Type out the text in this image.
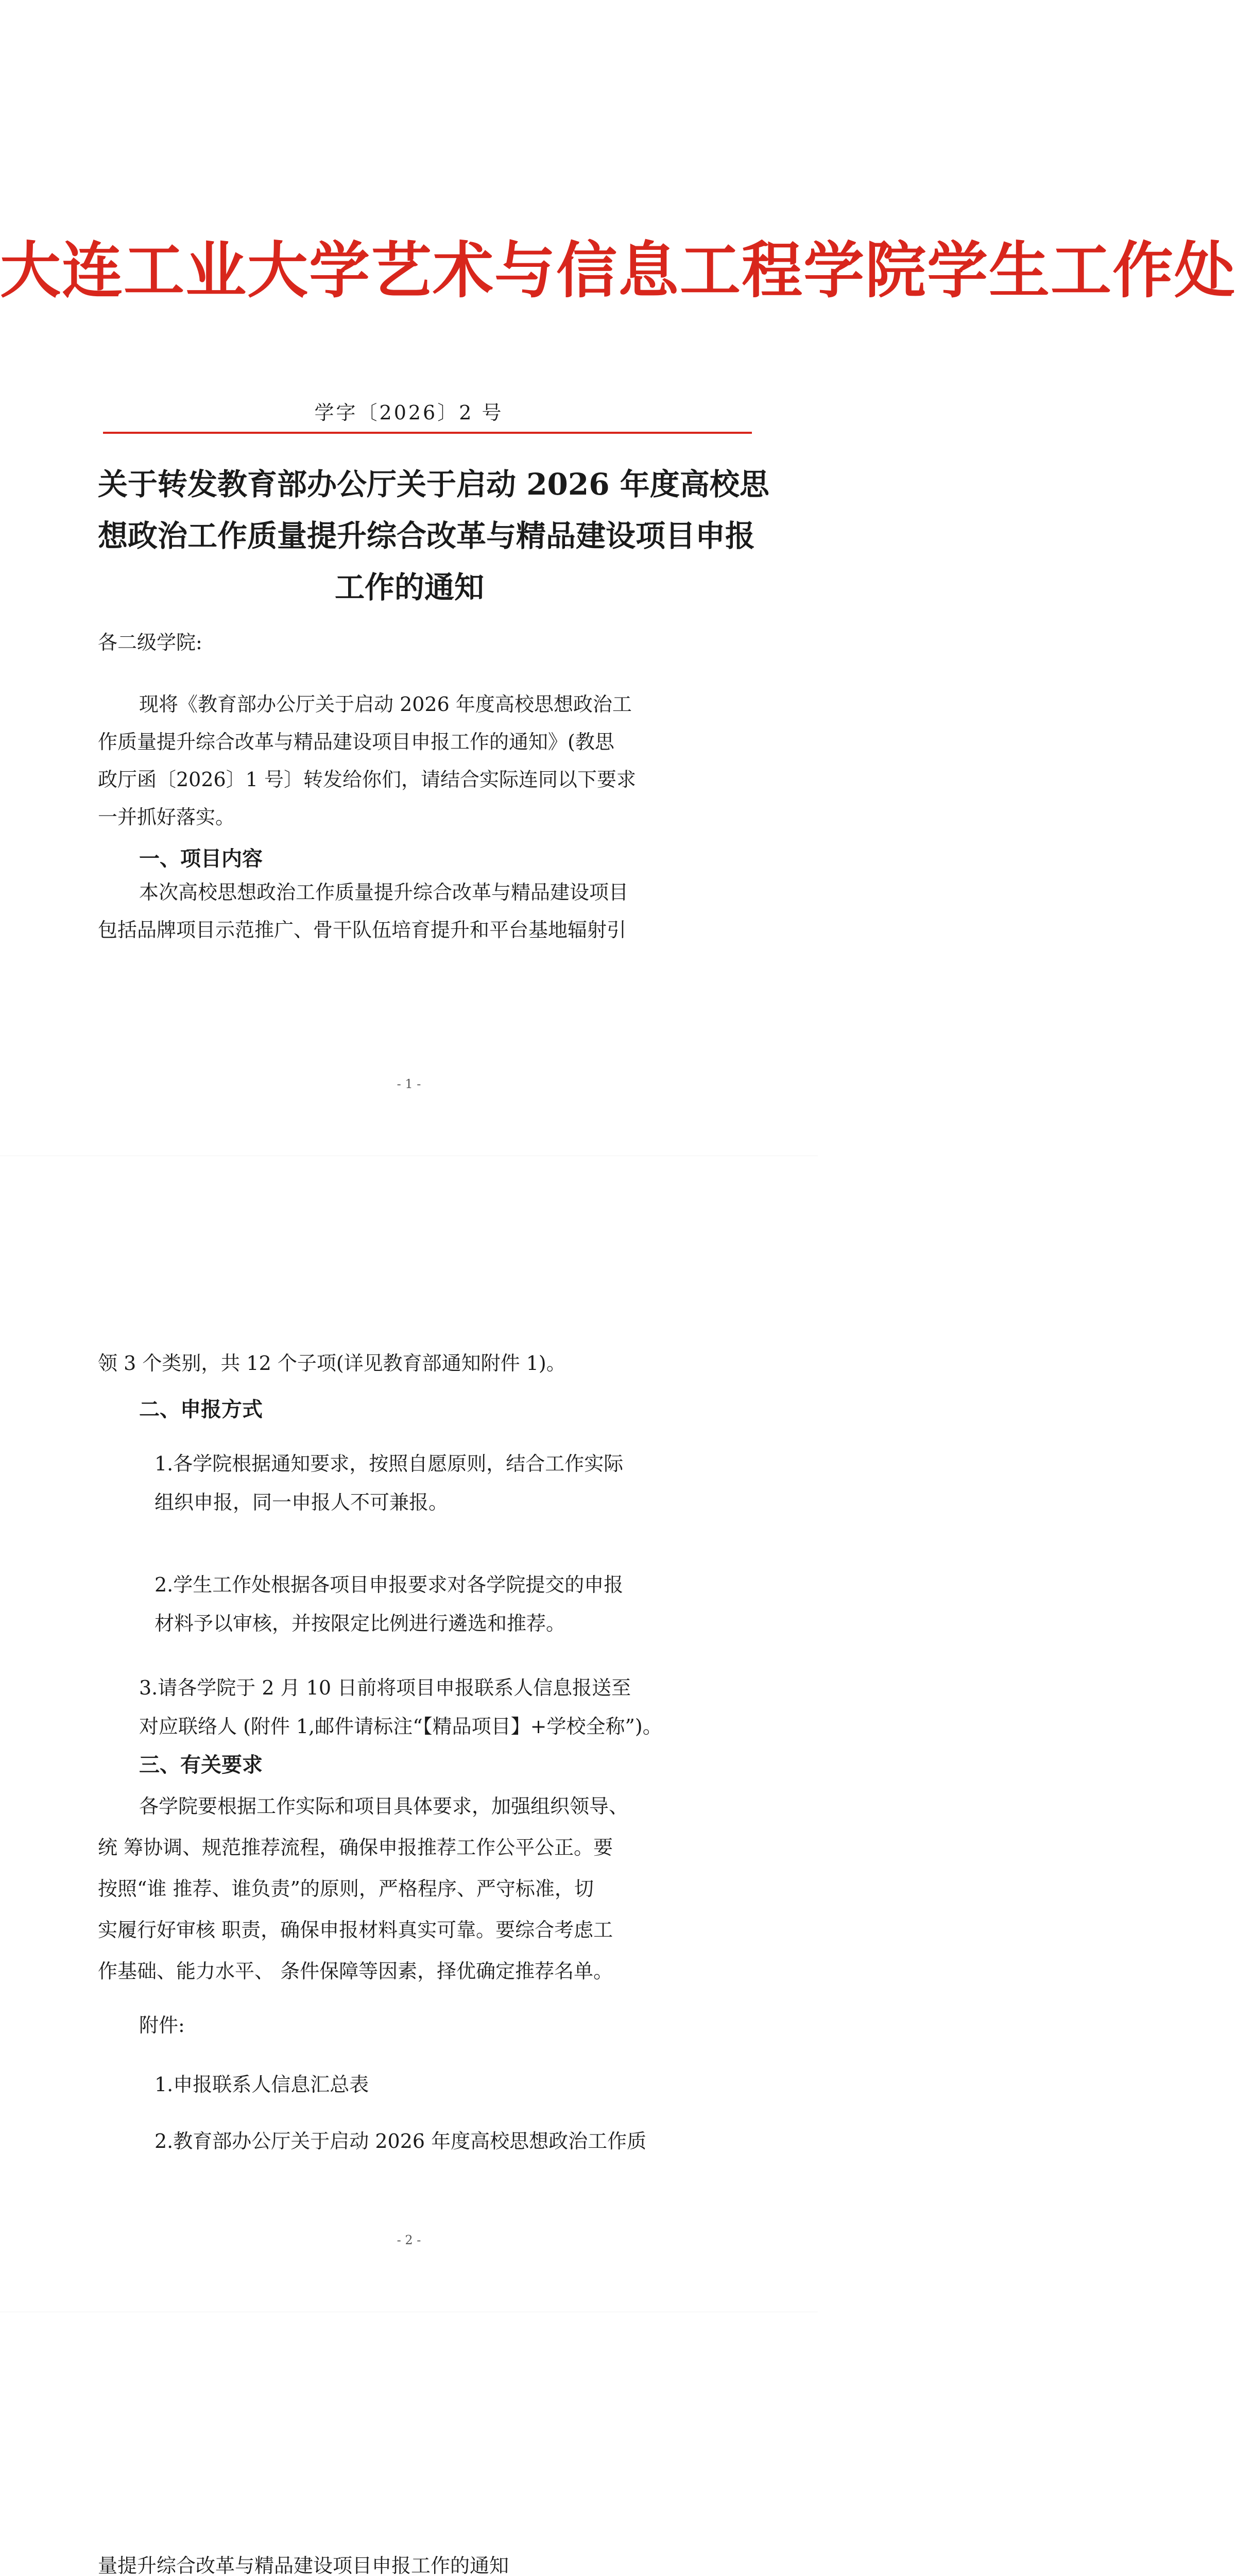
大连工业大学艺术与信息工程学院学生工作处
学字〔2026〕2 号
关于转发教育部办公厅关于启动 2026 年度高校思
想政治工作质量提升综合改革与精品建设项目申报
工作的通知
各二级学院:
现将《教育部办公厅关于启动 2026 年度高校思想政治工
作质量提升综合改革与精品建设项目申报工作的通知》(教思
政厅函〔2026〕1 号〕转发给你们，请结合实际连同以下要求
一并抓好落实。
一、项目内容
本次高校思想政治工作质量提升综合改革与精品建设项目
包括品牌项目示范推广、骨干队伍培育提升和平台基地辐射引
- 1 -
领 3 个类别，共 12 个子项(详见教育部通知附件 1)。
二、申报方式
1.各学院根据通知要求，按照自愿原则，结合工作实际
组织申报，同一申报人不可兼报。
2.学生工作处根据各项目申报要求对各学院提交的申报
材料予以审核，并按限定比例进行遴选和推荐。
3.请各学院于 2 月 10 日前将项目申报联系人信息报送至
对应联络人 (附件 1,邮件请标注“【精品项目】+学校全称”)。
三、有关要求
各学院要根据工作实际和项目具体要求，加强组织领导、
统 筹协调、规范推荐流程，确保申报推荐工作公平公正。要
按照“谁 推荐、谁负责”的原则，严格程序、严守标准，切
实履行好审核 职责，确保申报材料真实可靠。要综合考虑工
作基础、能力水平、 条件保障等因素，择优确定推荐名单。
附件:
1.申报联系人信息汇总表
2.教育部办公厅关于启动 2026 年度高校思想政治工作质
- 2 -
量提升综合改革与精品建设项目申报工作的通知
